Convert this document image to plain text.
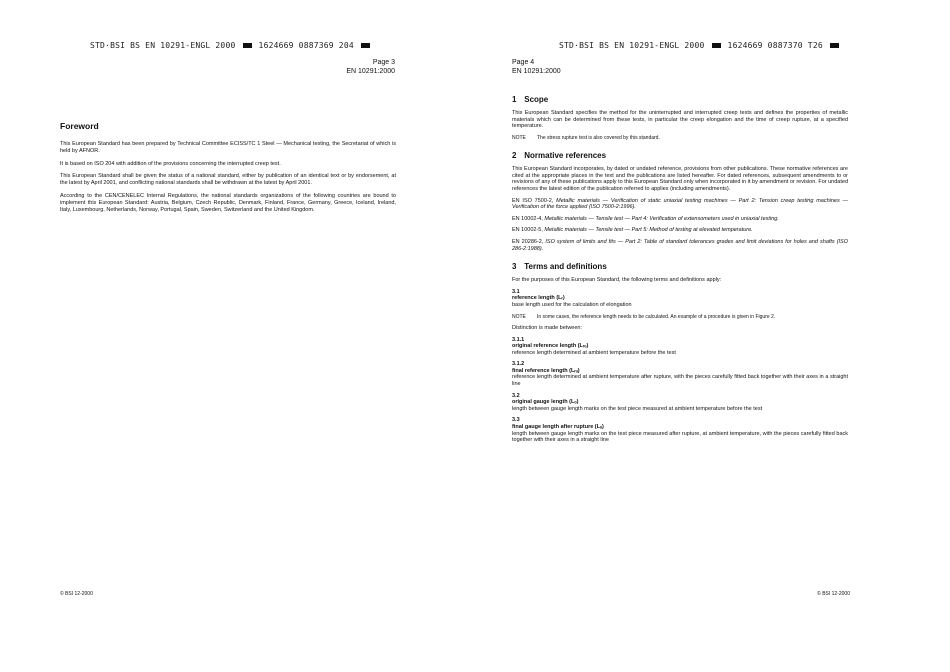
STD·BSI BS EN 10291-ENGL 2000	1624669 0887369 204
Page 3
EN 10291:2000
Foreword

This European Standard has been prepared by Technical Committee ECISS/TC 1 Steel — Mechanical testing, the Secretariat of which is held by AFNOR.

It is based on ISO 204 with addition of the provisions concerning the interrupted creep test.

This European Standard shall be given the status of a national standard, either by publication of an identical text or by endorsement, at the latest by April 2001, and conflicting national standards shall be withdrawn at the latest by April 2001.

According to the CEN/CENELEC Internal Regulations, the national standards organizations of the following countries are bound to implement this European Standard: Austria, Belgium, Czech Republic, Denmark, Finland, France, Germany, Greece, Iceland, Ireland, Italy, Luxembourg, Netherlands, Norway, Portugal, Spain, Sweden, Switzerland and the United Kingdom.

© BSI 12-2000
STD·BSI BS EN 10291-ENGL 2000	1624669 0887370 T26
Page 4
EN 10291:2000
1 Scope

This European Standard specifies the method for the uninterrupted and interrupted creep tests and defines the properties of metallic materials which can be determined from these tests, in particular the creep elongation and the time of creep rupture, at a specified temperature.

NOTE	The stress rupture test is also covered by this standard.
2 Normative references

This European Standard incorporates, by dated or undated reference, provisions from other publications. These normative references are cited at the appropriate places in the text and the publications are listed hereafter. For dated references, subsequent amendments to or revisions of any of these publications apply to this European Standard only when incorporated in it by amendment or revision. For undated references the latest edition of the publication referred to applies (including amendments).

EN ISO 7500-2, Metallic materials — Verification of static uniaxial testing machines — Part 2: Tension creep testing machines — Verification of the force applied (ISO 7500-2:1996).

EN 10002-4, Metallic materials — Tensile test — Part 4: Verification of extensometers used in uniaxial testing.

EN 10002-5, Metallic materials — Tensile test — Part 5: Method of testing at elevated temperature.

EN 20286-2, ISO system of limits and fits — Part 2: Table of standard tolerances grades and limit deviations for holes and shafts (ISO 286-2:1988).

3 Terms and definitions

For the purposes of this European Standard, the following terms and definitions apply:

3.1
reference length (Lᵣ)
base length used for the calculation of elongation
NOTE	In some cases, the reference length needs to be calculated. An example of a procedure is given in Figure 2.

Distinction is made between:

3.1.1
original reference length (Lᵣₒ)
reference length determined at ambient temperature before the test
3.1.2
final reference length (Lᵣᵤ)
reference length determined at ambient temperature after rupture, with the pieces carefully fitted back together with their axes in a straight line
3.2
original gauge length (Lₒ)
length between gauge length marks on the test piece measured at ambient temperature before the test
3.3
final gauge length after rupture (Lᵤ)
length between gauge length marks on the test piece measured after rupture, at ambient temperature, with the pieces carefully fitted back together with their axes in a straight line
© BSI 12-2000
